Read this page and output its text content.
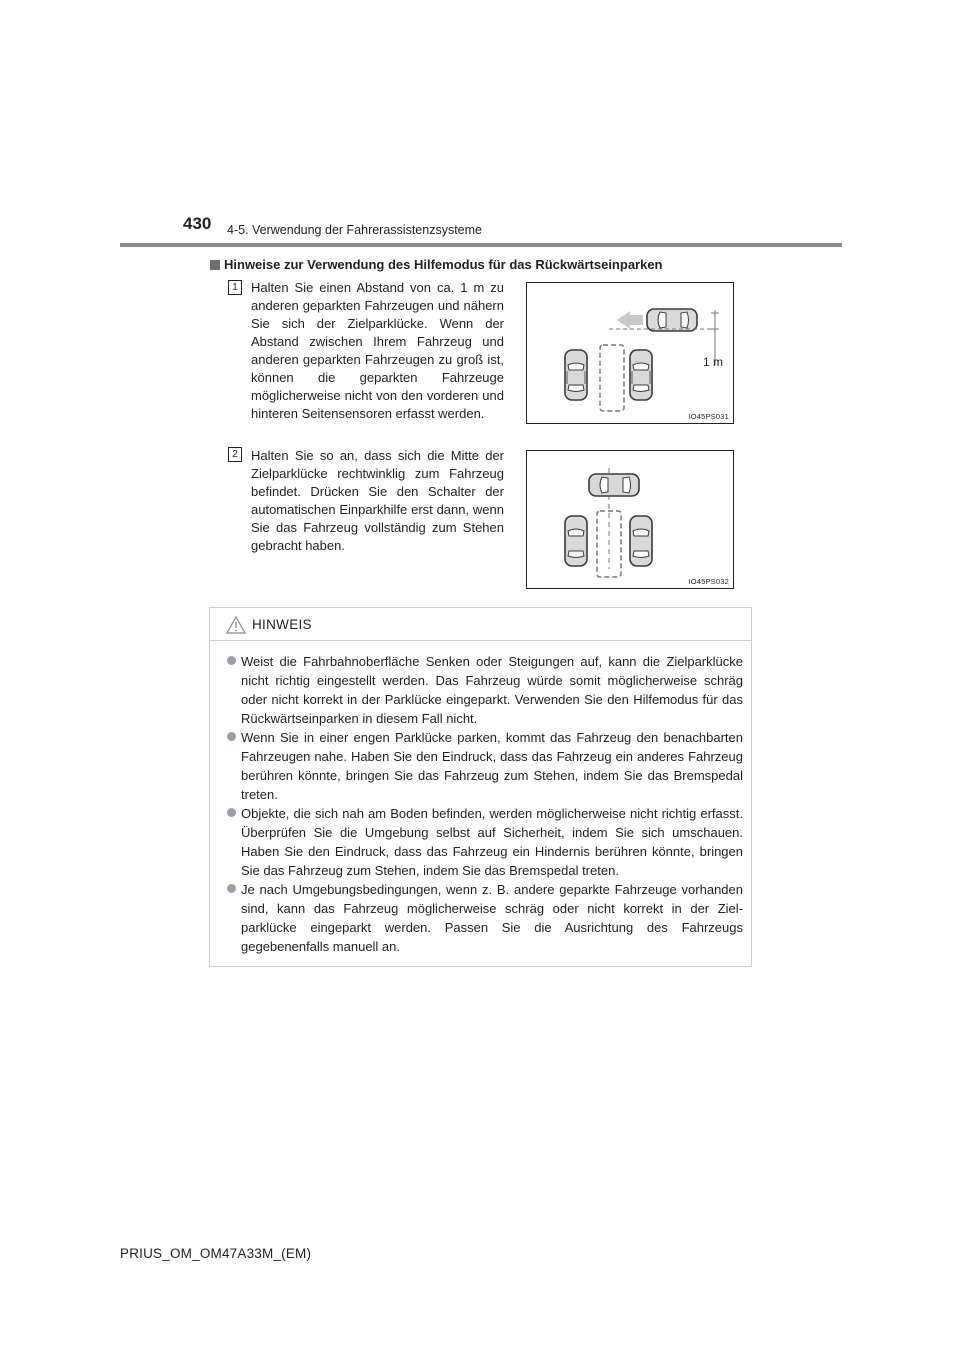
430 4-5. Verwendung der Fahrerassistenzsysteme
Hinweise zur Verwendung des Hilfemodus für das Rückwärtseinparken
1	Halten Sie einen Abstand von ca. 1 m zu anderen geparkten Fahrzeugen und nähern Sie sich der Zielparklücke. Wenn der Abstand zwischen Ihrem Fahrzeug und anderen geparkten Fahrzeugen zu groß ist, können die geparkten Fahrzeuge möglicherweise nicht von den vorderen und hinteren Seitensensoren erfasst werden.
1 m
IO45PS031
2	Halten Sie so an, dass sich die Mitte der Zielparklücke rechtwinklig zum Fahrzeug befindet. Drücken Sie den Schalter der automatischen Einparkhilfe erst dann, wenn Sie das Fahrzeug vollständig zum Stehen gebracht haben.
IO45PS032
HINWEIS
Weist die Fahrbahnoberfläche Senken oder Steigungen auf, kann die Zielparklücke nicht richtig eingestellt werden. Das Fahrzeug würde somit möglicherweise schräg oder nicht korrekt in der Parklücke eingeparkt. Verwenden Sie den Hilfemodus für das Rückwärtseinparken in diesem Fall nicht.
Wenn Sie in einer engen Parklücke parken, kommt das Fahrzeug den benachbarten Fahrzeugen nahe. Haben Sie den Eindruck, dass das Fahrzeug ein anderes Fahrzeug berühren könnte, bringen Sie das Fahrzeug zum Stehen, indem Sie das Bremspedal treten.
Objekte, die sich nah am Boden befinden, werden möglicherweise nicht richtig erfasst. Überprüfen Sie die Umgebung selbst auf Sicherheit, indem Sie sich umschauen. Haben Sie den Eindruck, dass das Fahrzeug ein Hindernis berühren könnte, bringen Sie das Fahrzeug zum Stehen, indem Sie das Bremspedal treten.
Je nach Umgebungsbedingungen, wenn z. B. andere geparkte Fahrzeuge vorhanden sind, kann das Fahrzeug möglicherweise schräg oder nicht korrekt in der Ziel-parklücke eingeparkt werden. Passen Sie die Ausrichtung des Fahrzeugs gegebenenfalls manuell an.
PRIUS_OM_OM47A33M_(EM)
